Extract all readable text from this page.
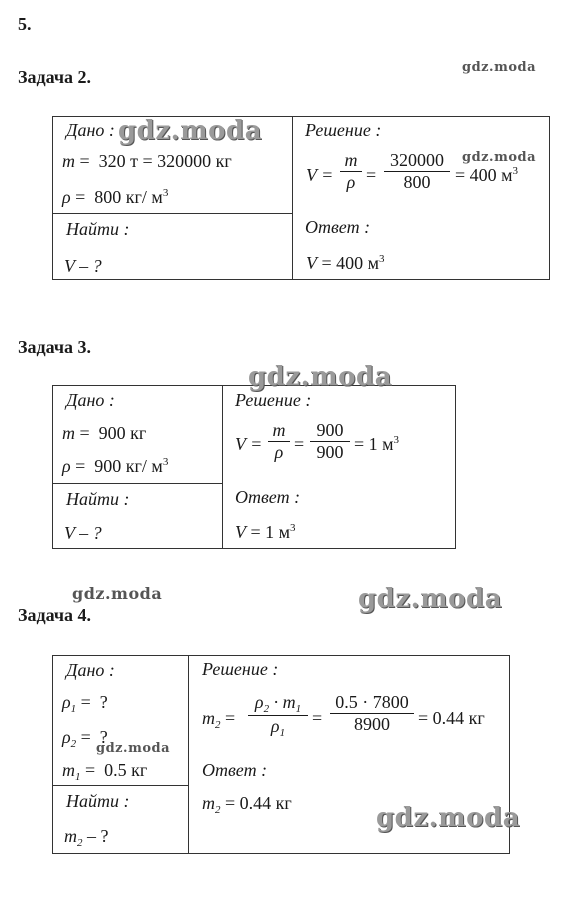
5.
Задача 2.	gdz.moda
Дано :
m =  320 т = 320000 кг
ρ =  800 кг/ $м^3$
Найти :
V – ?
Решение :
V =
m
ρ =
320000
800 = 400 $м^3$
Ответ :
V = 400 $м^3$
gdz.moda
gdz.moda
Задача 3.
Дано :
m =  900 кг
ρ =  900 кг/ $м^3$
Найти :
V – ?
Решение :
V =
m
ρ =
900
900 = 1 $м^3$
Ответ :
V = 1 $м^3$
gdz.moda
gdz.moda	gdz.moda
Задача 4.
Дано :
$\rho_1$ =  ?
$\rho_2$ =  ?
$m_1 = 0.5$ кг
Найти :
$m_2$ – ?
Решение :
$m_2$ =
$\rho_2 \cdot m_1$
$\rho_1$
=
0.5 · 7800
8900 = 0.44 кг
Ответ :
$m_2 = 0.44$ кг
gdz.moda
gdz.moda
